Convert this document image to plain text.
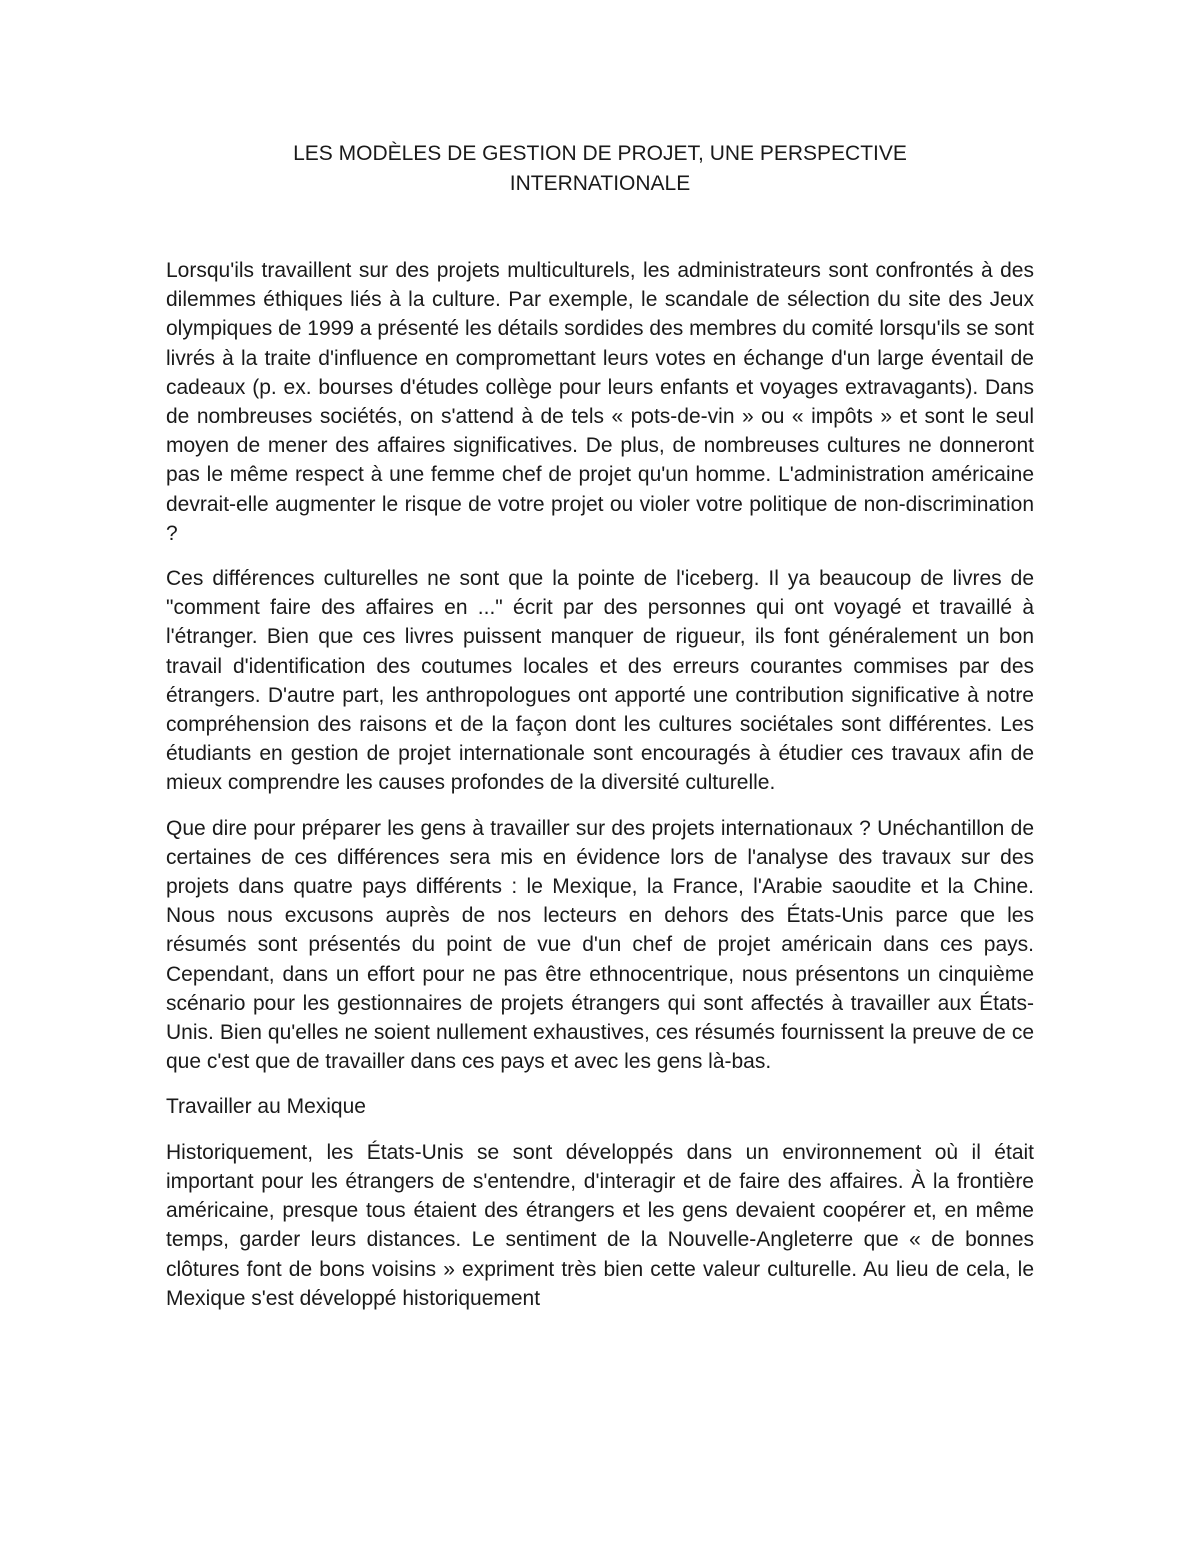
LES MODÈLES DE GESTION DE PROJET, UNE PERSPECTIVE
INTERNATIONALE

Lorsqu'ils travaillent sur des projets multiculturels, les administrateurs sont confrontés à des dilemmes éthiques liés à la culture. Par exemple, le scandale de sélection du site des Jeux olympiques de 1999 a présenté les détails sordides des membres du comité lorsqu'ils se sont livrés à la traite d'influence en compromettant leurs votes en échange d'un large éventail de cadeaux (p. ex. bourses d'études collège pour leurs enfants et voyages extravagants). Dans de nombreuses sociétés, on s'attend à de tels « pots-de-vin » ou « impôts » et sont le seul moyen de mener des affaires significatives. De plus, de nombreuses cultures ne donneront pas le même respect à une femme chef de projet qu'un homme. L'administration américaine devrait-elle augmenter le risque de votre projet ou violer votre politique de non-discrimination ?

Ces différences culturelles ne sont que la pointe de l'iceberg. Il ya beaucoup de livres de "comment faire des affaires en ..." écrit par des personnes qui ont voyagé et travaillé à l'étranger. Bien que ces livres puissent manquer de rigueur, ils font généralement un bon travail d'identification des coutumes locales et des erreurs courantes commises par des étrangers. D'autre part, les anthropologues ont apporté une contribution significative à notre compréhension des raisons et de la façon dont les cultures sociétales sont différentes. Les étudiants en gestion de projet internationale sont encouragés à étudier ces travaux afin de mieux comprendre les causes profondes de la diversité culturelle.

Que dire pour préparer les gens à travailler sur des projets internationaux ? Unéchantillon de certaines de ces différences sera mis en évidence lors de l'analyse des travaux sur des projets dans quatre pays différents : le Mexique, la France, l'Arabie saoudite et la Chine. Nous nous excusons auprès de nos lecteurs en dehors des États-Unis parce que les résumés sont présentés du point de vue d'un chef de projet américain dans ces pays. Cependant, dans un effort pour ne pas être ethnocentrique, nous présentons un cinquième scénario pour les gestionnaires de projets étrangers qui sont affectés à travailler aux États-Unis. Bien qu'elles ne soient nullement exhaustives, ces résumés fournissent la preuve de ce que c'est que de travailler dans ces pays et avec les gens là-bas.

Travailler au Mexique

Historiquement, les États-Unis se sont développés dans un environnement où il était important pour les étrangers de s'entendre, d'interagir et de faire des affaires. À la frontière américaine, presque tous étaient des étrangers et les gens devaient coopérer et, en même temps, garder leurs distances. Le sentiment de la Nouvelle-Angleterre que « de bonnes clôtures font de bons voisins » expriment très bien cette valeur culturelle. Au lieu de cela, le Mexique s'est développé historiquement
